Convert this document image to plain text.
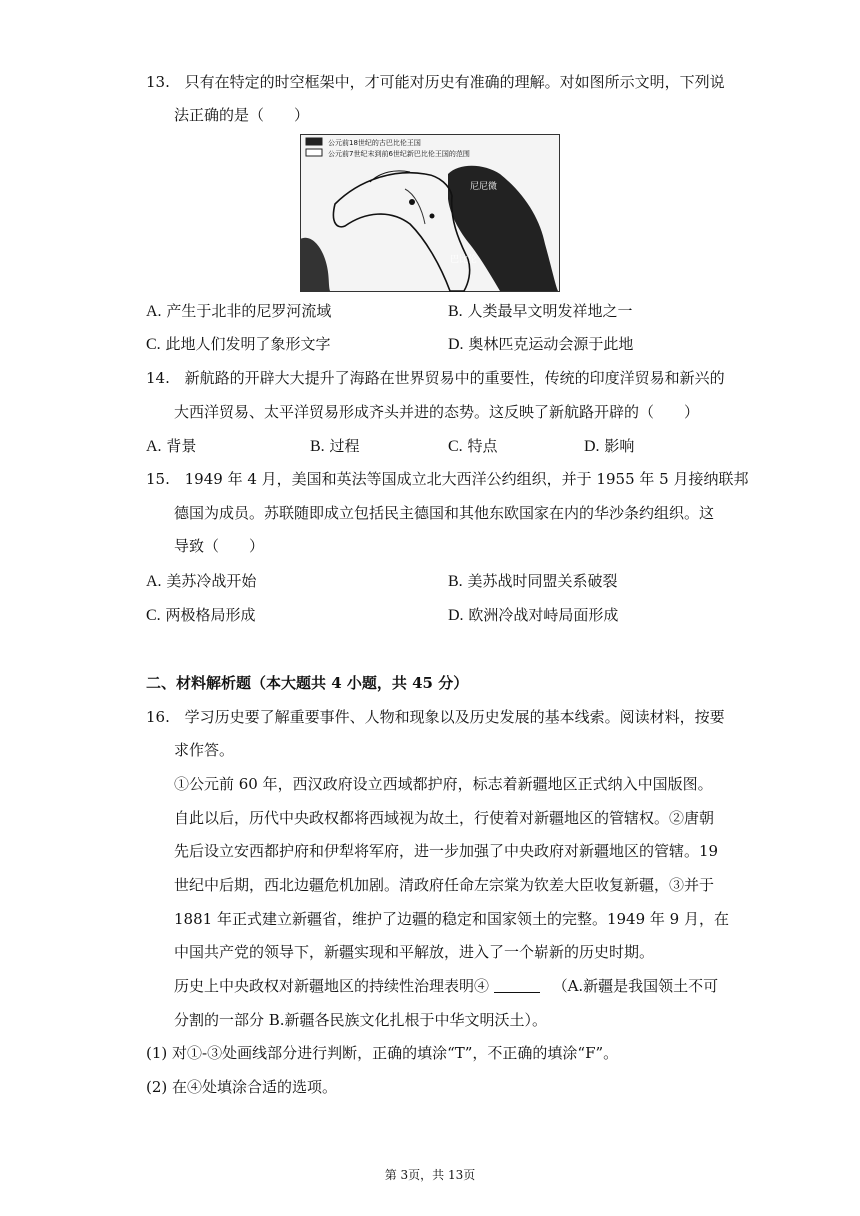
13. 只有在特定的时空框架中，才可能对历史有准确的理解。对如图所示文明，下列说
法正确的是（　　）
公元前18世纪的古巴比伦王国
公元前7世纪末到前6世纪新巴比伦王国的范围
尼尼微
巴比伦
A. 产生于北非的尼罗河流域	B. 人类最早文明发祥地之一
C. 此地人们发明了象形文字	D. 奥林匹克运动会源于此地
14. 新航路的开辟大大提升了海路在世界贸易中的重要性，传统的印度洋贸易和新兴的
大西洋贸易、太平洋贸易形成齐头并进的态势。这反映了新航路开辟的（　　）
A. 背景	B. 过程	C. 特点	D. 影响
15. 1949 年 4 月，美国和英法等国成立北大西洋公约组织，并于 1955 年 5 月接纳联邦
德国为成员。苏联随即成立包括民主德国和其他东欧国家在内的华沙条约组织。这
导致（　　）
A. 美苏冷战开始	B. 美苏战时同盟关系破裂
C. 两极格局形成	D. 欧洲冷战对峙局面形成
二、材料解析题（本大题共 4 小题，共 45 分）
16. 学习历史要了解重要事件、人物和现象以及历史发展的基本线索。阅读材料，按要
求作答。
①公元前 60 年，西汉政府设立西域都护府，标志着新疆地区正式纳入中国版图。
自此以后，历代中央政权都将西域视为故土，行使着对新疆地区的管辖权。②唐朝
先后设立安西都护府和伊犁将军府，进一步加强了中央政府对新疆地区的管辖。19
世纪中后期，西北边疆危机加剧。清政府任命左宗棠为钦差大臣收复新疆，③并于
1881 年正式建立新疆省，维护了边疆的稳定和国家领土的完整。1949 年 9 月，在
中国共产党的领导下，新疆实现和平解放，进入了一个崭新的历史时期。
历史上中央政权对新疆地区的持续性治理表明④	（A.新疆是我国领土不可
分割的一部分 B.新疆各民族文化扎根于中华文明沃土）。
(1) 对①-③处画线部分进行判断，正确的填涂“T”，不正确的填涂“F”。
(2) 在④处填涂合适的选项。
第 3页，共 13页
